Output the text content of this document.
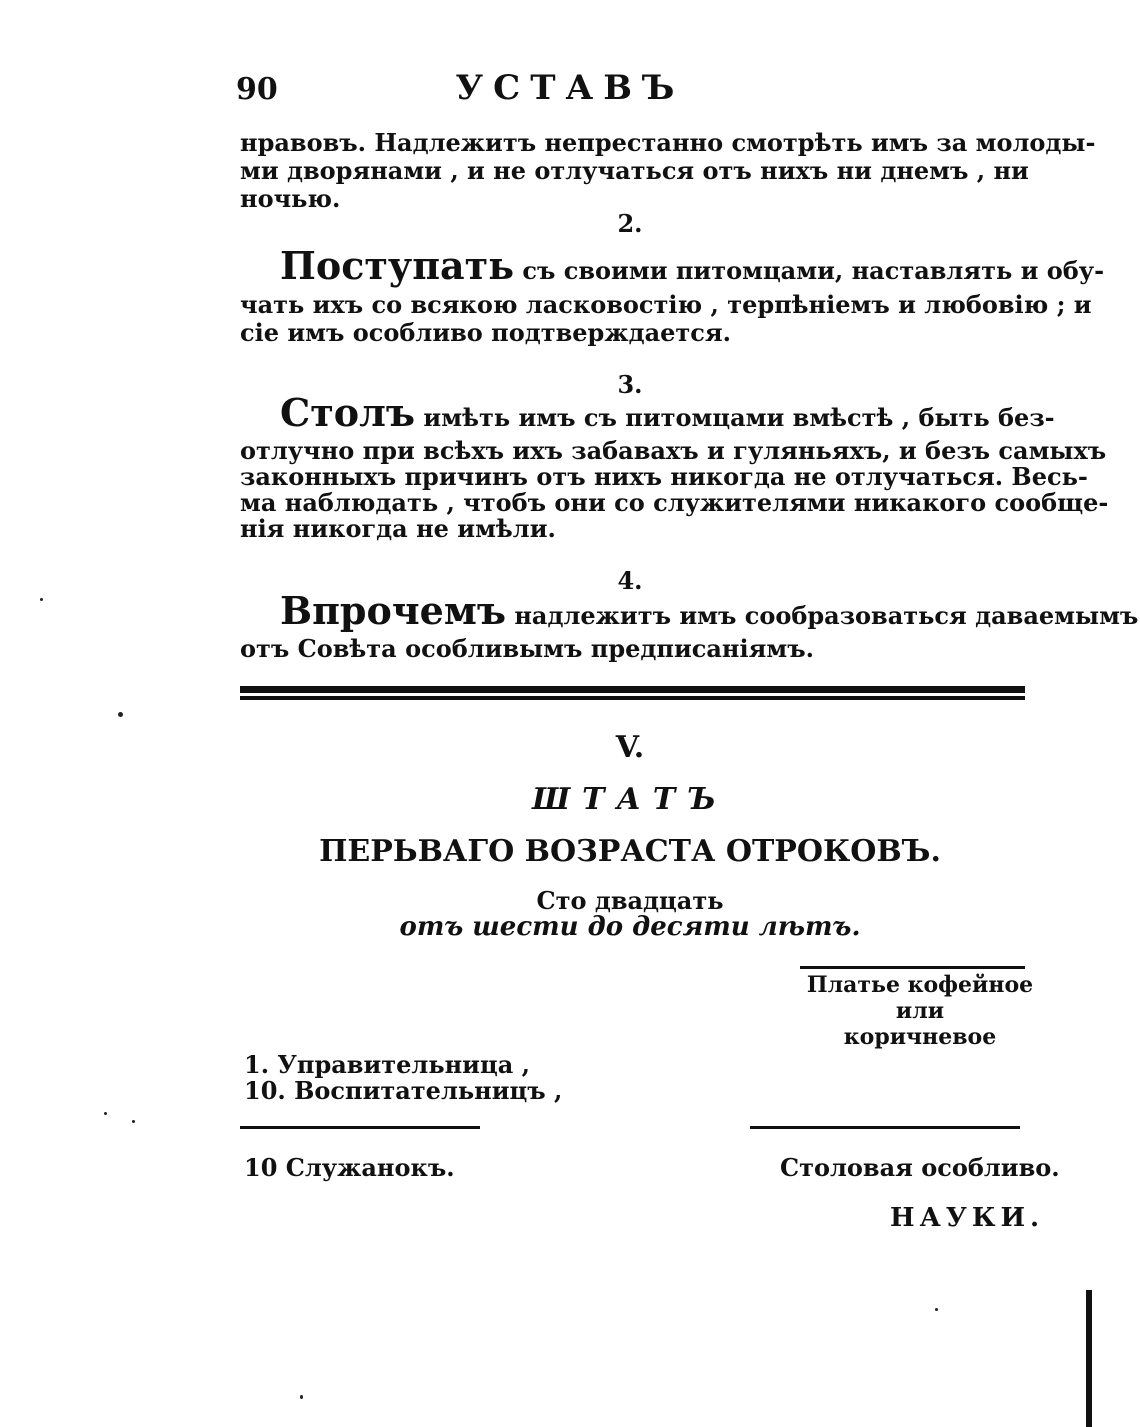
90	УСТАВЪ
нравовъ. Надлежитъ непрестанно смотрѣть имъ за молоды-
ми дворянами , и не отлучаться отъ нихъ ни днемъ , ни
ночью.
2.
Поступать съ своими питомцами, наставлять и обу-
чать ихъ со всякою ласковостію , терпѣніемъ и любовію ; и
сіе имъ особливо подтверждается.
3.
Столъ имѣть имъ съ питомцами вмѣстѣ , быть без-
отлучно при всѣхъ ихъ забавахъ и гуляньяхъ, и безъ самыхъ
законныхъ причинъ отъ нихъ никогда не отлучаться. Весь-
ма наблюдать , чтобъ они со служителями никакого сообще-
нія никогда не имѣли.
4.
Впрочемъ надлежитъ имъ сообразоваться даваемымъ
отъ Совѣта особливымъ предписаніямъ.
V.
ШТАТЪ
ПЕРЬВАГО ВОЗРАСТА ОТРОКОВЪ.
Сто двадцать
отъ шести до десяти лѣтъ.
Платье кофейное
или
коричневое
1. Управительница ,
10. Воспитательницъ ,
10 Служанокъ.	Столовая особливо.
НАУКИ.
